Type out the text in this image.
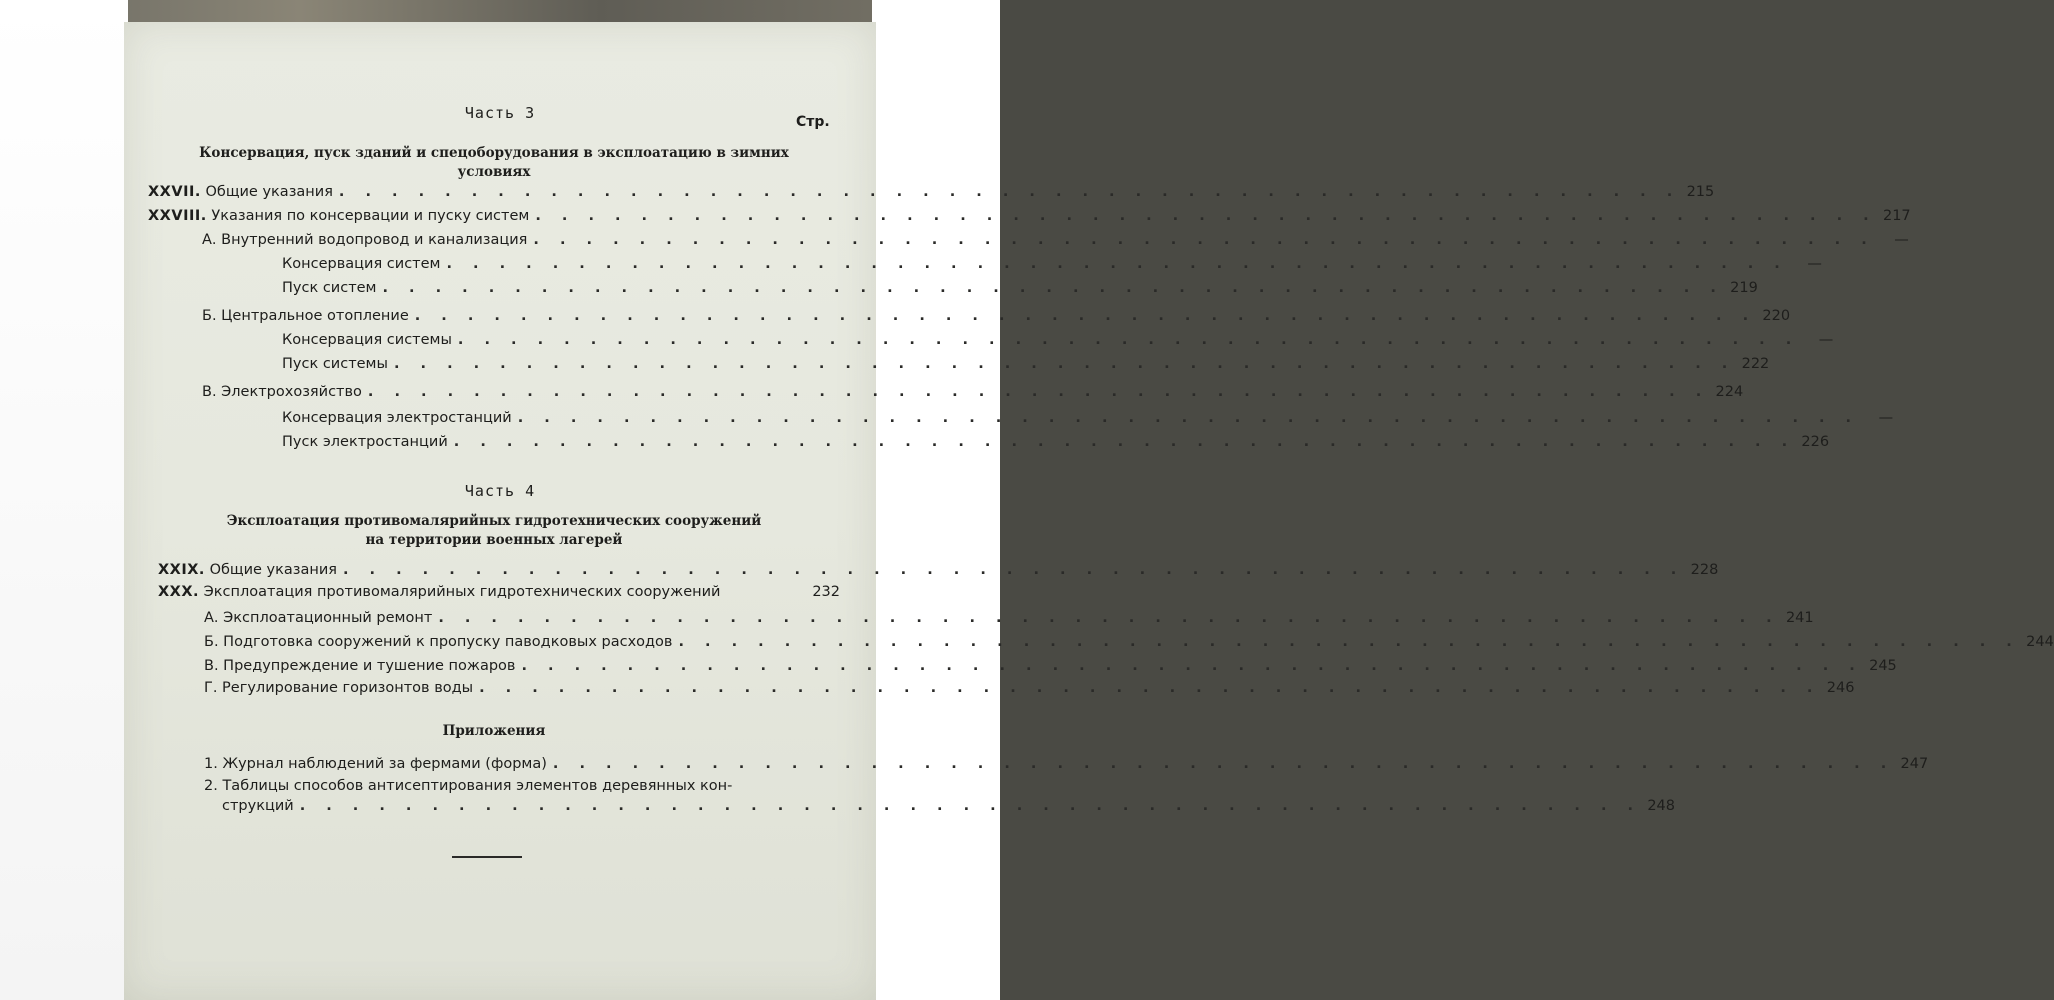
Часть 3	Стр.
Консервация, пуск зданий и спецоборудования в эксплоатацию в зимних
условиях
XXVII. Общие указания . . . . . . . . . . . . . . . . . . . . . . . . . . . . . . . . . . . . . . . . . . . . . . . . . . . 215
XXVIII. Указания по консервации и пуску систем . . . . . . . . . . . . . . . . . . . . . . . . . . . . . . . . . . . . . . . . . . . . . . . . . . . 217
А. Внутренний водопровод и канализация . . . . . . . . . . . . . . . . . . . . . . . . . . . . . . . . . . . . . . . . . . . . . . . . . . .	—
Консервация систем . . . . . . . . . . . . . . . . . . . . . . . . . . . . . . . . . . . . . . . . . . . . . . . . . . .	—
Пуск систем . . . . . . . . . . . . . . . . . . . . . . . . . . . . . . . . . . . . . . . . . . . . . . . . . . . 219
Б. Центральное отопление . . . . . . . . . . . . . . . . . . . . . . . . . . . . . . . . . . . . . . . . . . . . . . . . . . . 220
Консервация системы . . . . . . . . . . . . . . . . . . . . . . . . . . . . . . . . . . . . . . . . . . . . . . . . . . .	—
Пуск системы . . . . . . . . . . . . . . . . . . . . . . . . . . . . . . . . . . . . . . . . . . . . . . . . . . . 222
В. Электрохозяйство . . . . . . . . . . . . . . . . . . . . . . . . . . . . . . . . . . . . . . . . . . . . . . . . . . . 224
Консервация электростанций . . . . . . . . . . . . . . . . . . . . . . . . . . . . . . . . . . . . . . . . . . . . . . . . . . .	—
Пуск электростанций . . . . . . . . . . . . . . . . . . . . . . . . . . . . . . . . . . . . . . . . . . . . . . . . . . . 226
Часть 4
Эксплоатация противомалярийных гидротехнических сооружений
на территории военных лагерей
XXIX. Общие указания . . . . . . . . . . . . . . . . . . . . . . . . . . . . . . . . . . . . . . . . . . . . . . . . . . . 228
XXX. Эксплоатация противомалярийных гидротехнических сооружений	232
А. Эксплоатационный ремонт . . . . . . . . . . . . . . . . . . . . . . . . . . . . . . . . . . . . . . . . . . . . . . . . . . . 241
Б. Подготовка сооружений к пропуску паводковых расходов . . . . . . . . . . . . . . . . . . . . . . . . . . . . . . . . . . . . . . . . . . . . . . . . . . . 244
В. Предупреждение и тушение пожаров . . . . . . . . . . . . . . . . . . . . . . . . . . . . . . . . . . . . . . . . . . . . . . . . . . . 245
Г. Регулирование горизонтов воды . . . . . . . . . . . . . . . . . . . . . . . . . . . . . . . . . . . . . . . . . . . . . . . . . . . 246
Приложения
1. Журнал наблюдений за фермами (форма) . . . . . . . . . . . . . . . . . . . . . . . . . . . . . . . . . . . . . . . . . . . . . . . . . . . 247
2. Таблицы способов антисептирования элементов деревянных кон-
струкций . . . . . . . . . . . . . . . . . . . . . . . . . . . . . . . . . . . . . . . . . . . . . . . . . . . 248
